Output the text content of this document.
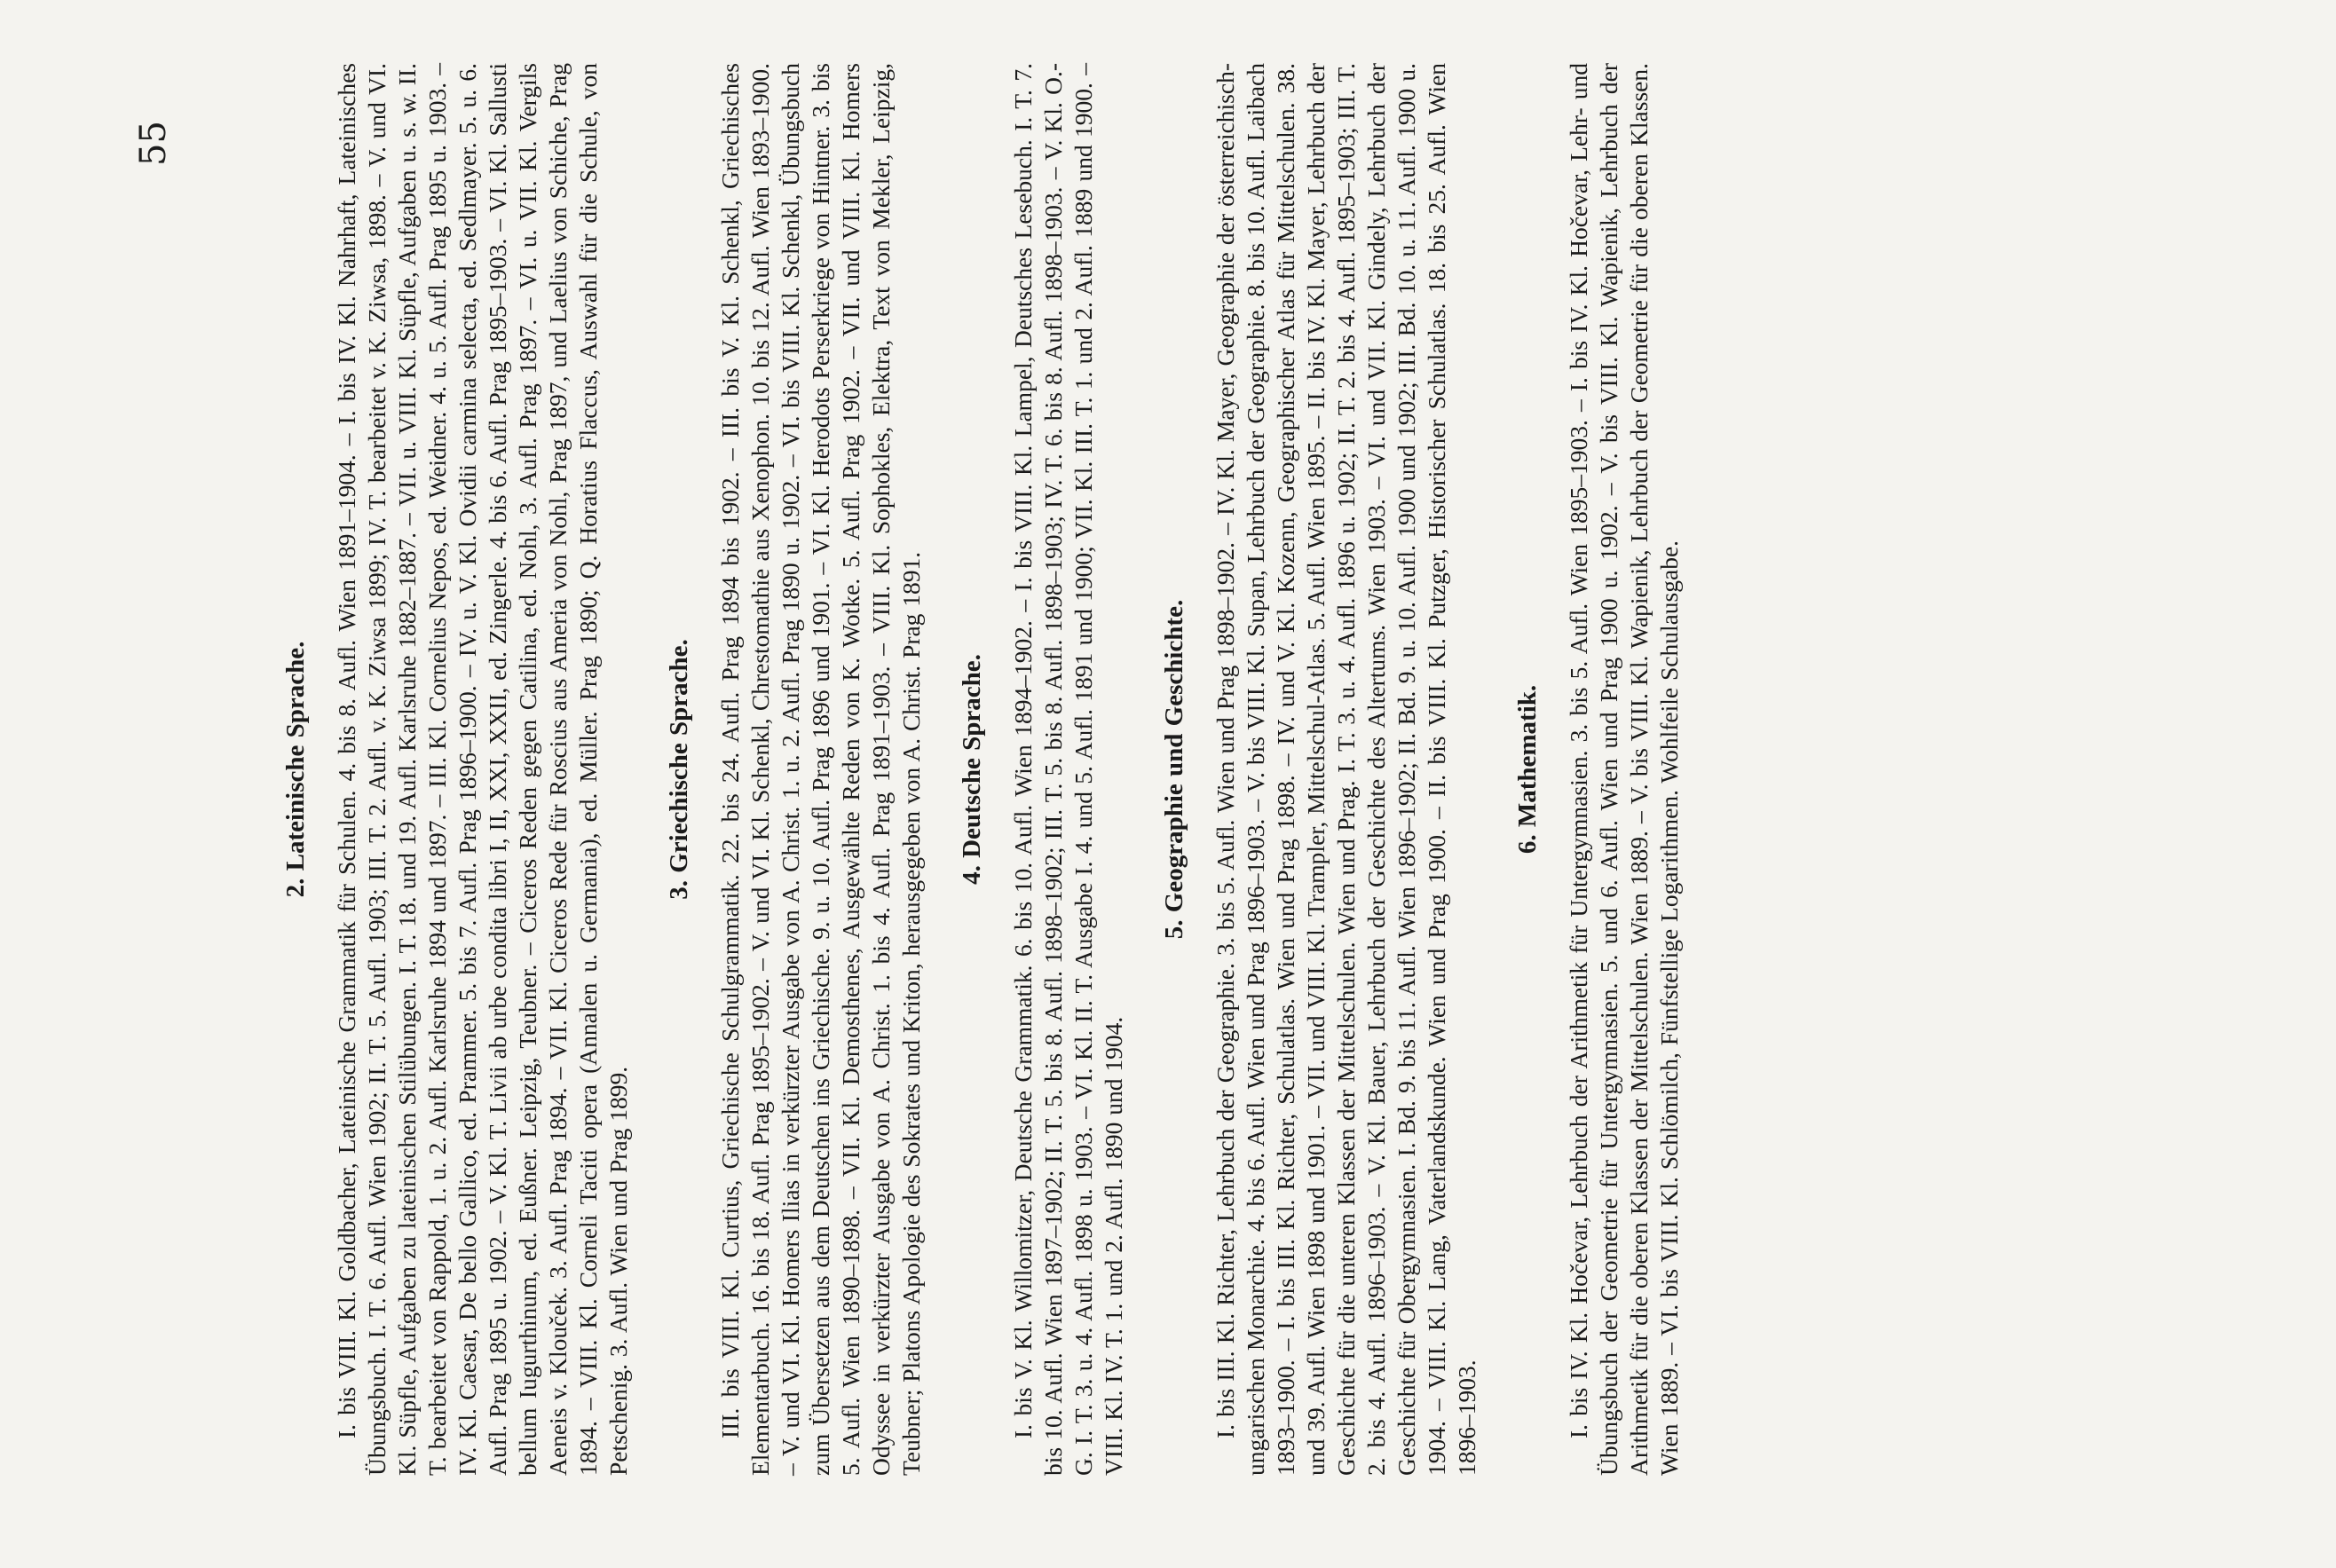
55
2. Lateinische Sprache. I. bis VIII. Kl. Goldbacher, Lateinische Grammatik für Schulen. 4. bis 8. Aufl. Wien 1891–1904. – I. bis IV. Kl. Nahrhaft, Lateinisches Übungsbuch. I. T. 6. Aufl. Wien 1902; II. T. 5. Aufl. 1903; III. T. 2. Aufl. v. K. Ziwsa 1899; IV. T. bearbeitet v. K. Ziwsa, 1898. – V. und VI. Kl. Süpfle, Aufgaben zu lateinischen Stilübungen. I. T. 18. und 19. Aufl. Karlsruhe 1882–1887. – VII. u. VIII. Kl. Süpfle, Aufgaben u. s. w. II. T. bearbeitet von Rappold, 1. u. 2. Aufl. Karlsruhe 1894 und 1897. – III. Kl. Cornelius Nepos, ed. Weidner. 4. u. 5. Aufl. Prag 1895 u. 1903. – IV. Kl. Caesar, De bello Gallico, ed. Prammer. 5. bis 7. Aufl. Prag 1896–1900. – IV. u. V. Kl. Ovidii carmina selecta, ed. Sedlmayer. 5. u. 6. Aufl. Prag 1895 u. 1902. – V. Kl. T. Livii ab urbe condita libri I, II, XXI, XXII, ed. Zingerle. 4. bis 6. Aufl. Prag 1895–1903. – VI. Kl. Sallusti bellum Iugurthinum, ed. Eußner. Leipzig, Teubner. – Ciceros Reden gegen Catilina, ed. Nohl, 3. Aufl. Prag 1897. – VI. u. VII. Kl. Vergils Aeneis v. Klouček. 3. Aufl. Prag 1894. – VII. Kl. Ciceros Rede für Roscius aus Ameria von Nohl, Prag 1897, und Laelius von Schiche, Prag 1894. – VIII. Kl. Corneli Taciti opera (Annalen u. Germania), ed. Müller. Prag 1890; Q. Horatius Flaccus, Auswahl für die Schule, von Petschenig. 3. Aufl. Wien und Prag 1899.

3. Griechische Sprache. III. bis VIII. Kl. Curtius, Griechische Schulgrammatik. 22. bis 24. Aufl. Prag 1894 bis 1902. – III. bis V. Kl. Schenkl, Griechisches Elementarbuch. 16. bis 18. Aufl. Prag 1895–1902. – V. und VI. Kl. Schenkl, Chrestomathie aus Xenophon. 10. bis 12. Aufl. Wien 1893–1900. – V. und VI. Kl. Homers Ilias in verkürzter Ausgabe von A. Christ. 1. u. 2. Aufl. Prag 1890 u. 1902. – VI. bis VIII. Kl. Schenkl, Übungsbuch zum Übersetzen aus dem Deutschen ins Griechische. 9. u. 10. Aufl. Prag 1896 und 1901. – VI. Kl. Herodots Perserkriege von Hintner. 3. bis 5. Aufl. Wien 1890–1898. – VII. Kl. Demosthenes, Ausgewählte Reden von K. Wotke. 5. Aufl. Prag 1902. – VII. und VIII. Kl. Homers Odyssee in verkürzter Ausgabe von A. Christ. 1. bis 4. Aufl. Prag 1891–1903. – VIII. Kl. Sophokles, Elektra, Text von Mekler, Leipzig, Teubner; Platons Apologie des Sokrates und Kriton, herausgegeben von A. Christ. Prag 1891. 4. Deutsche Sprache. I. bis V. Kl. Willomitzer, Deutsche Grammatik. 6. bis 10. Aufl. Wien 1894–1902. – I. bis VIII. Kl. Lampel, Deutsches Lesebuch. I. T. 7. bis 10. Aufl. Wien 1897–1902; II. T. 5. bis 8. Aufl. 1898–1902; III. T. 5. bis 8. Aufl. 1898–1903; IV. T. 6. bis 8. Aufl. 1898–1903. – V. Kl. O.-G. I. T. 3. u. 4. Aufl. 1898 u. 1903. – VI. Kl. II. T. Ausgabe I. 4. und 5. Aufl. 1891 und 1900; VII. Kl. III. T. 1. und 2. Aufl. 1889 und 1900. – VIII. Kl. IV. T. 1. und 2. Aufl. 1890 und 1904.

5. Geographie und Geschichte. I. bis III. Kl. Richter, Lehrbuch der Geographie. 3. bis 5. Aufl. Wien und Prag 1898–1902. – IV. Kl. Mayer, Geographie der österreichisch-ungarischen Monarchie. 4. bis 6. Aufl. Wien und Prag 1896–1903. – V. bis VIII. Kl. Supan, Lehrbuch der Geographie. 8. bis 10. Aufl. Laibach 1893–1900. – I. bis III. Kl. Richter, Schulatlas. Wien und Prag 1898. – IV. und V. Kl. Kozenn, Geographischer Atlas für Mittelschulen. 38. und 39. Aufl. Wien 1898 und 1901. – VII. und VIII. Kl. Trampler, Mittelschul-Atlas. 5. Aufl. Wien 1895. – II. bis IV. Kl. Mayer, Lehrbuch der Geschichte für die unteren Klassen der Mittelschulen. Wien und Prag. I. T. 3. u. 4. Aufl. 1896 u. 1902; II. T. 2. bis 4. Aufl. 1895–1903; III. T. 2. bis 4. Aufl. 1896–1903. – V. Kl. Bauer, Lehrbuch der Geschichte des Altertums. Wien 1903. – VI. und VII. Kl. Gindely, Lehrbuch der Geschichte für Obergymnasien. I. Bd. 9. bis 11. Aufl. Wien 1896–1902; II. Bd. 9. u. 10. Aufl. 1900 und 1902; III. Bd. 10. u. 11. Aufl. 1900 u. 1904. – VIII. Kl. Lang, Vaterlandskunde. Wien und Prag 1900. – II. bis VIII. Kl. Putzger, Historischer Schulatlas. 18. bis 25. Aufl. Wien 1896–1903.

6. Mathematik. I. bis IV. Kl. Hočevar, Lehrbuch der Arithmetik für Untergymnasien. 3. bis 5. Aufl. Wien 1895–1903. – I. bis IV. Kl. Hočevar, Lehr- und Übungsbuch der Geometrie für Untergymnasien. 5. und 6. Aufl. Wien und Prag 1900 u. 1902. – V. bis VIII. Kl. Wapienik, Lehrbuch der Arithmetik für die oberen Klassen der Mittelschulen. Wien 1889. – V. bis VIII. Kl. Wapienik, Lehrbuch der Geometrie für die oberen Klassen. Wien 1889. – VI. bis VIII. Kl. Schlömilch, Fünfstellige Logarithmen. Wohlfeile Schulausgabe.
